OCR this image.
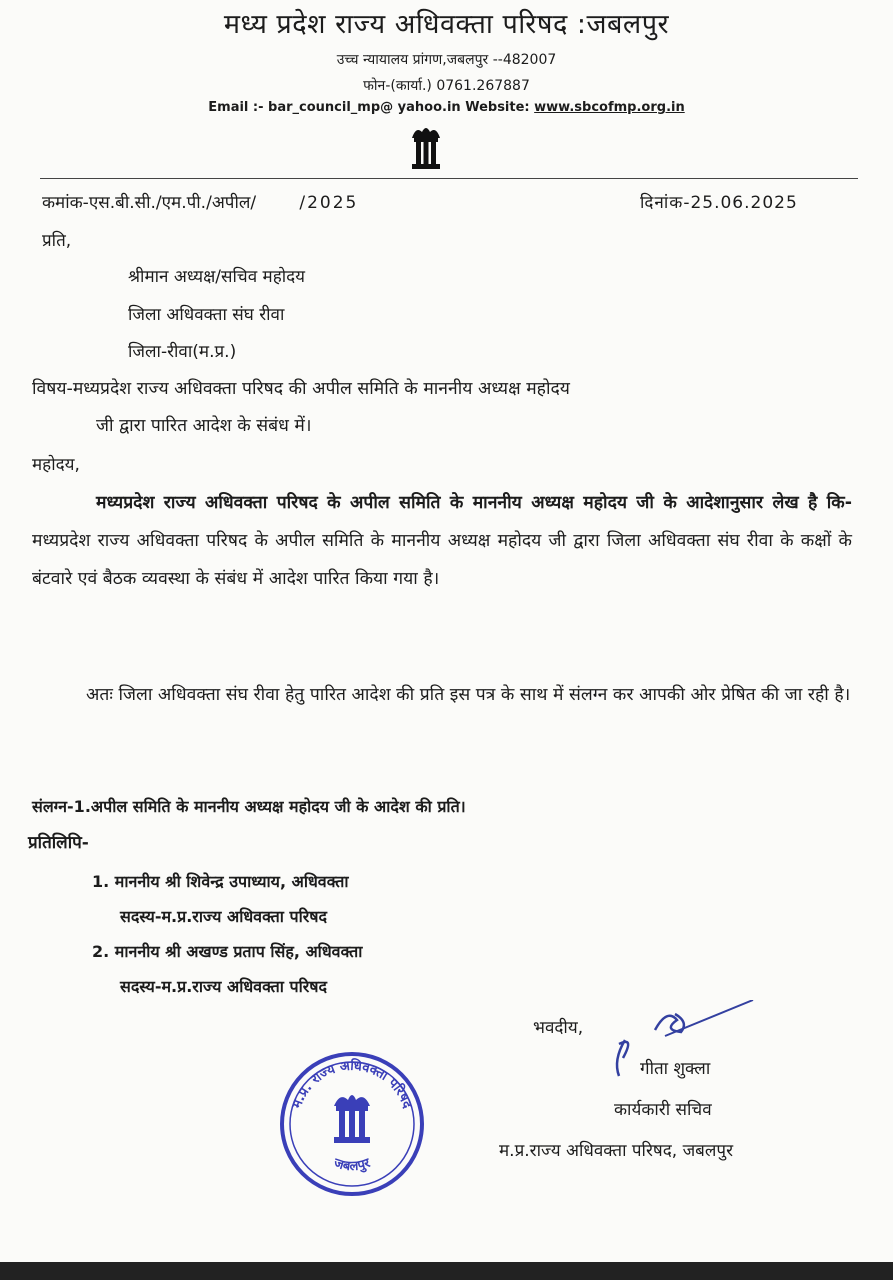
मध्य प्रदेश राज्य अधिवक्ता परिषद :जबलपुर
उच्च न्यायालय प्रांगण,जबलपुर --482007
फोन-(कार्या.) 0761.267887
Email :- bar_council_mp@ yahoo.in Website: www.sbcofmp.org.in
कमांक-एस.बी.सी./एम.पी./अपील/	/2025	दिनांक-25.06.2025
प्रति,
श्रीमान अध्यक्ष/सचिव महोदय
जिला अधिवक्ता संघ रीवा
जिला-रीवा(म.प्र.)
विषय-मध्यप्रदेश राज्य अधिवक्ता परिषद की अपील समिति के माननीय अध्यक्ष महोदय
जी द्वारा पारित आदेश के संबंध में।
महोदय,
मध्यप्रदेश राज्य अधिवक्ता परिषद के अपील समिति के माननीय अध्यक्ष महोदय जी के आदेशानुसार लेख है कि- मध्यप्रदेश राज्य अधिवक्ता परिषद के अपील समिति के माननीय अध्यक्ष महोदय जी द्वारा जिला अधिवक्ता संघ रीवा के कक्षों के बंटवारे एवं बैठक व्यवस्था के संबंध में आदेश पारित किया गया है।
अतः जिला अधिवक्ता संघ रीवा हेतु पारित आदेश की प्रति इस पत्र के साथ में संलग्न कर आपकी ओर प्रेषित की जा रही है।
संलग्न-1.अपील समिति के माननीय अध्यक्ष महोदय जी के आदेश की प्रति।
प्रतिलिपि-
1. माननीय श्री शिवेन्द्र उपाध्याय, अधिवक्ता
सदस्य-म.प्र.राज्य अधिवक्ता परिषद
2. माननीय श्री अखण्ड प्रताप सिंह, अधिवक्ता
सदस्य-म.प्र.राज्य अधिवक्ता परिषद
भवदीय,
गीता शुक्ला
कार्यकारी सचिव
म.प्र.राज्य अधिवक्ता परिषद, जबलपुर
म.प्र. राज्य अधिवक्ता परिषद
जबलपुर
